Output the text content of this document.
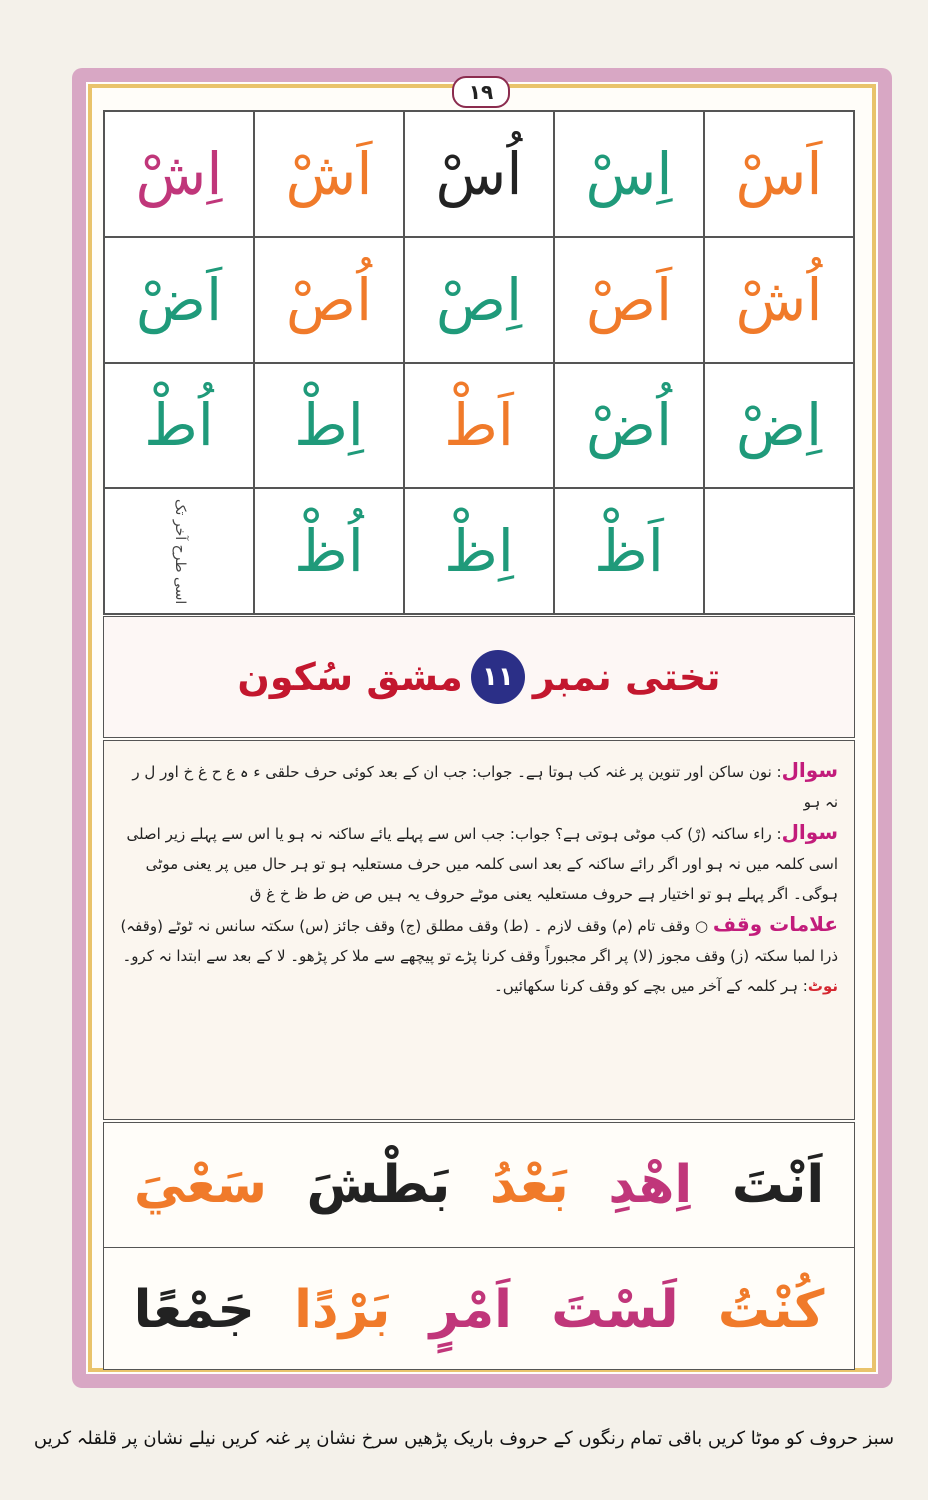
١٩
اِشْ	اَشْ	اُسْ	اِسْ	اَسْ
اَضْ	اُصْ	اِصْ	اَصْ	اُشْ
اُطْ	اِطْ	اَطْ	اُضْ	اِضْ
اسی طرح آخر تک	اُظْ	اِظْ	اَظْ
تختی نمبر
١١
مشق سُکون

سوال: نون ساکن اور تنوین پر غنہ کب ہوتا ہے۔ جواب: جب ان کے بعد کوئی حرف حلقی ء ہ ع ح غ خ اور ل ر نہ ہو

سوال: راء ساکنہ (رْ) کب موٹی ہوتی ہے؟ جواب: جب اس سے پہلے یائے ساکنہ نہ ہو یا اس سے پہلے زیر اصلی اسی کلمہ میں نہ ہو اور اگر رائے ساکنہ کے بعد اسی کلمہ میں حرف مستعلیہ ہو تو ہر حال میں پر یعنی موٹی ہوگی۔ اگر پہلے ہو تو اختیار ہے حروف مستعلیہ یعنی موٹے حروف یہ ہیں ص ض ط ظ خ غ ق

علامات وقف ○ وقف تام (م) وقف لازم ۔ (ط) وقف مطلق (ج) وقف جائز (س) سکتہ سانس نہ ٹوٹے (وقفہ) ذرا لمبا سکتہ (ز) وقف مجوز (لا) پر اگر مجبوراً وقف کرنا پڑے تو پیچھے سے ملا کر پڑھو۔ لا کے بعد سے ابتدا نہ کرو۔

نوٹ: ہر کلمہ کے آخر میں بچے کو وقف کرنا سکھائیں۔

اَنْتَ
اِهْدِ
بَعْدُ
بَطْشَ
سَعْيَ
كُنْتُ
لَسْتَ
اَمْرٍ
بَرْدًا
جَمْعًا
سبز حروف کو موٹا کریں باقی تمام رنگوں کے حروف باریک پڑھیں سرخ نشان پر غنہ کریں نیلے نشان پر قلقلہ کریں
